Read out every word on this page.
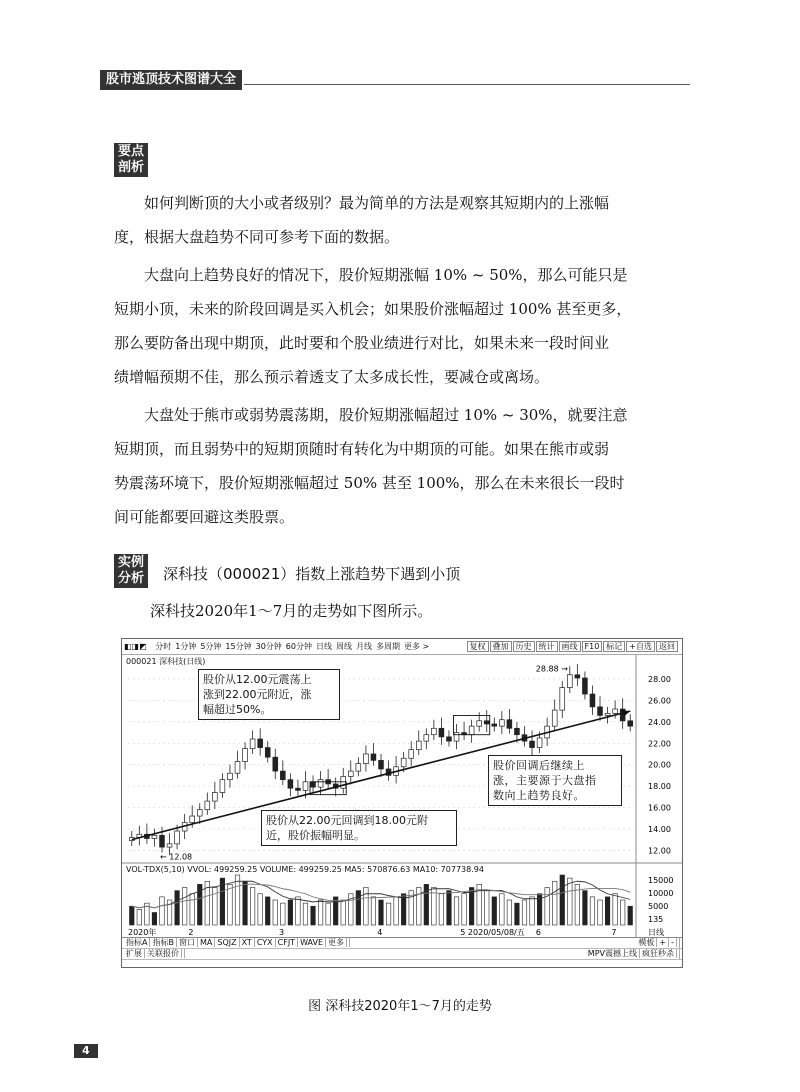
股市逃顶技术图谱大全
要点
剖析
如何判断顶的大小或者级别？最为简单的方法是观察其短期内的上涨幅
度，根据大盘趋势不同可参考下面的数据。
大盘向上趋势良好的情况下，股价短期涨幅 10% ~ 50%，那么可能只是
短期小顶，未来的阶段回调是买入机会；如果股价涨幅超过 100% 甚至更多，
那么要防备出现中期顶，此时要和个股业绩进行对比，如果未来一段时间业
绩增幅预期不佳，那么预示着透支了太多成长性，要减仓或离场。
大盘处于熊市或弱势震荡期，股价短期涨幅超过 10% ~ 30%，就要注意
短期顶，而且弱势中的短期顶随时有转化为中期顶的可能。如果在熊市或弱
势震荡环境下，股价短期涨幅超过 50% 甚至 100%，那么在未来很长一段时
间可能都要回避这类股票。
实例
分析 深科技（000021）指数上涨趋势下遇到小顶
深科技2020年1～7月的走势如下图所示。
◧◨◩ 分时 1分钟 5分钟 15分钟 30分钟 60分钟 日线 周线 月线 多周期 更多 >	复权 叠加 历史 统计 画线 F10 标记 +自选 返回
000021 深科技(日线)
28.88 →
← 12.08
28.00
26.00
24.00
22.00
20.00
18.00
16.00
14.00
12.00
15000
10000
5000
135
2020年	2	3	4	5 2020/05/08/五 6	7	日线
股价从12.00元震荡上
涨到22.00元附近，涨
幅超过50%。
股价回调后继续上
涨，主要源于大盘指
数向上趋势良好。
股价从22.00元回调到18.00元附
近，股价振幅明显。
VOL-TDX(5,10) VVOL: 499259.25 VOLUME: 499259.25 MA5: 570876.63 MA10: 707738.94
指标A 指标B 窗口 MA SQJZ XT CYX CFJT WAVE 更多	模板 + -
扩展 关联报价	MPV震撼上线 疯狂秒杀
图 深科技2020年1～7月的走势
4
